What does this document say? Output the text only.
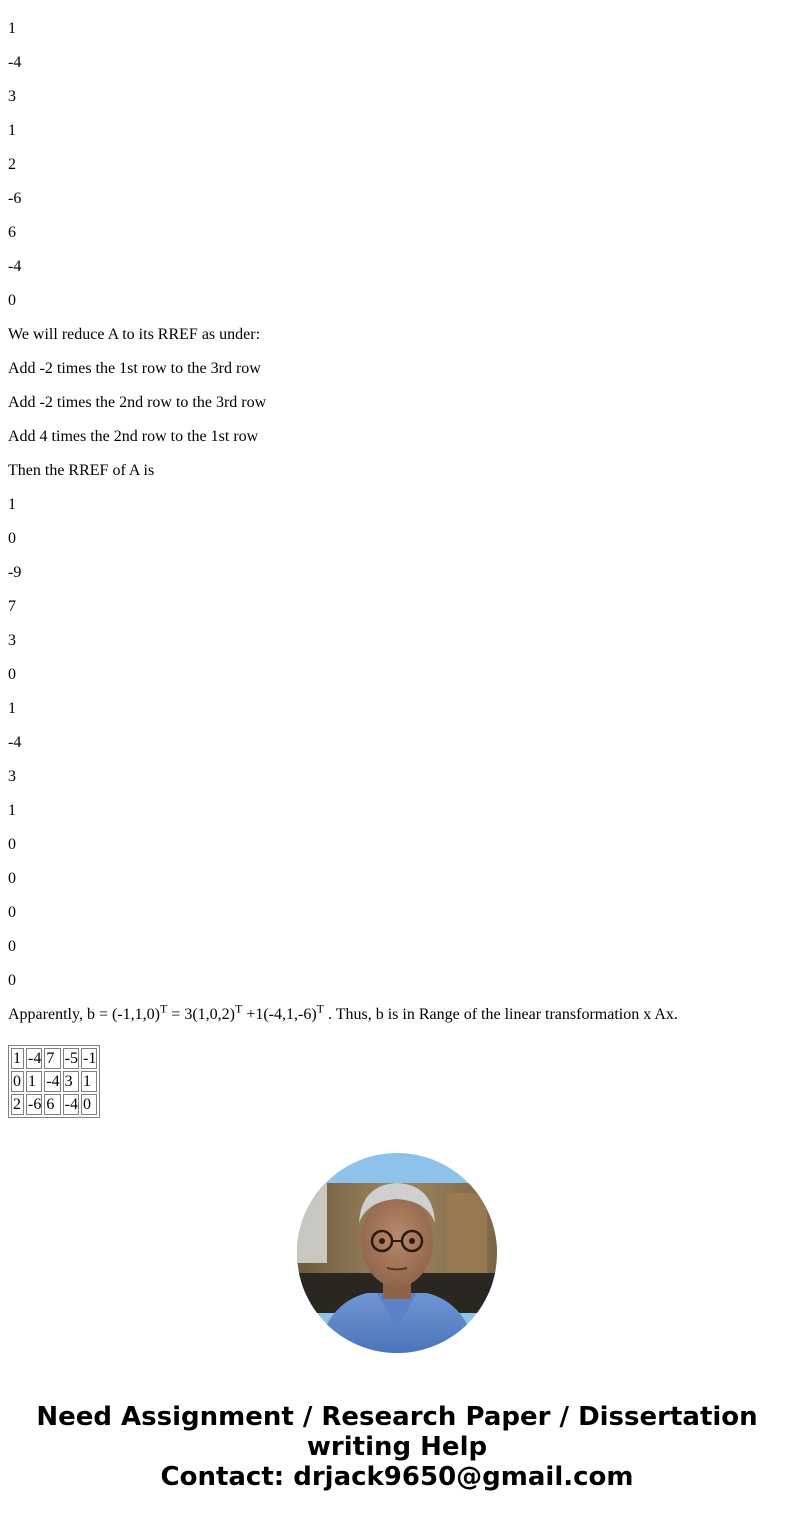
1

-4

3

1

2

-6

6

-4

0

We will reduce A to its RREF as under:

Add -2 times the 1st row to the 3rd row

Add -2 times the 2nd row to the 3rd row

Add 4 times the 2nd row to the 1st row

Then the RREF of A is

1

0

-9

7

3

0

1

-4

3

1

0

0

0

0

0

Apparently, $b = (-1,1,0)^T = 3(1,0,2)^T +1(-4,1,-6)^T$ . Thus, b is in Range of the linear transformation x Ax.

1	-4	7	-5	-1
0	1	-4	3	1
2	-6	6	-4	0
Need Assignment / Research Paper / Dissertation
writing Help
Contact: drjack9650@gmail.com
